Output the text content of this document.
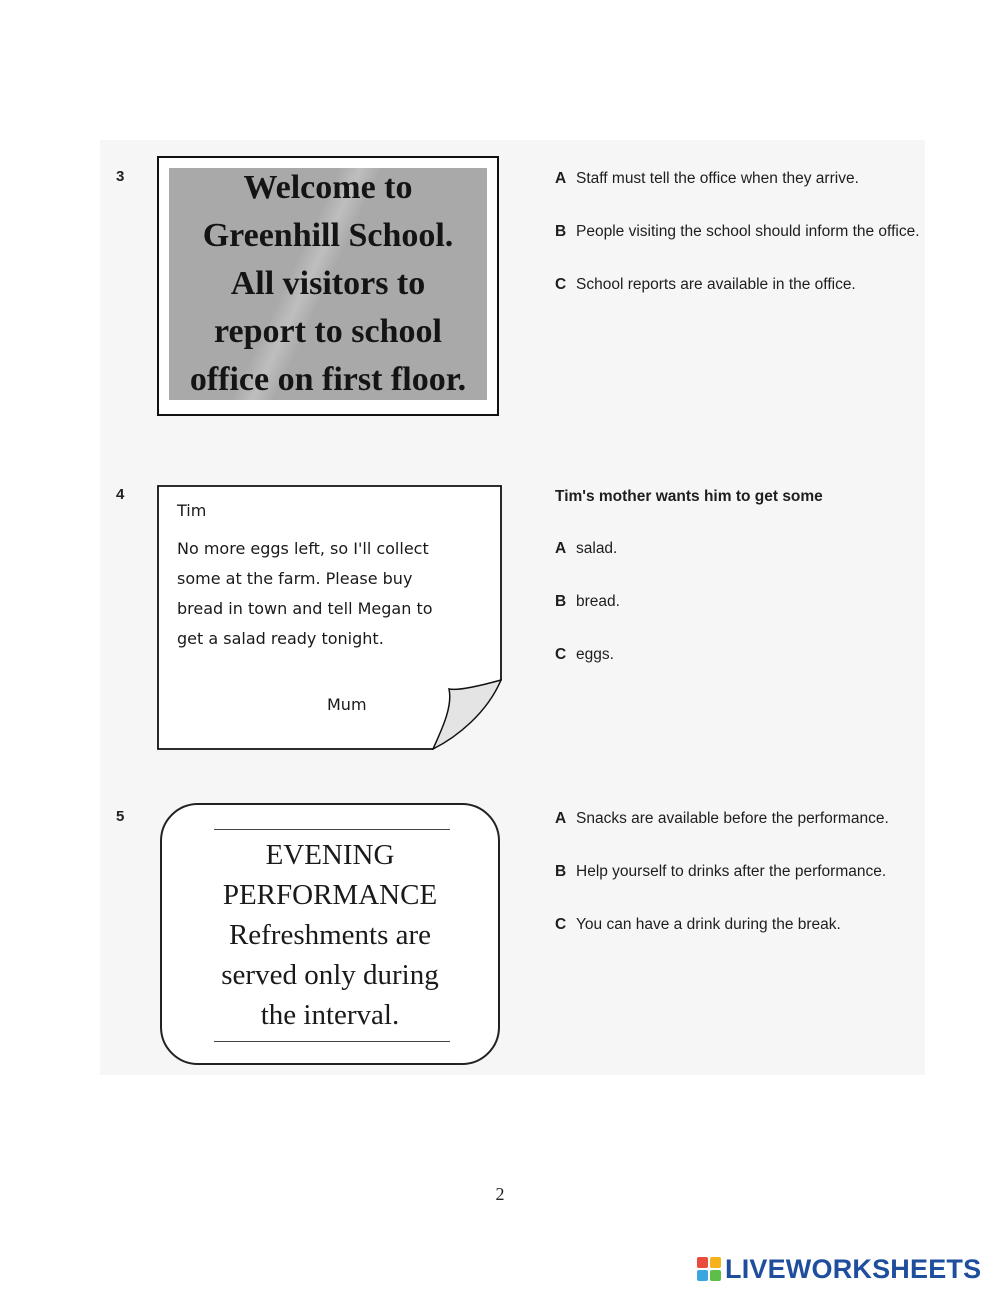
3	Welcome to
Greenhill School.
All visitors to
report to school
office on first floor.

A Staff must tell the office when they arrive.

B People visiting the school should inform the office.

C School reports are available in the office.

4

Tim

No more eggs left, so I'll collect
some at the farm. Please buy
bread in town and tell Megan to
get a salad ready tonight.

Mum

Tim's mother wants him to get some

A salad.

B bread.

C eggs.

5

EVENING
PERFORMANCE
Refreshments are
served only during
the interval.

A Snacks are available before the performance.

B Help yourself to drinks after the performance.

C You can have a drink during the break.

2
LIVEWORKSHEETS
